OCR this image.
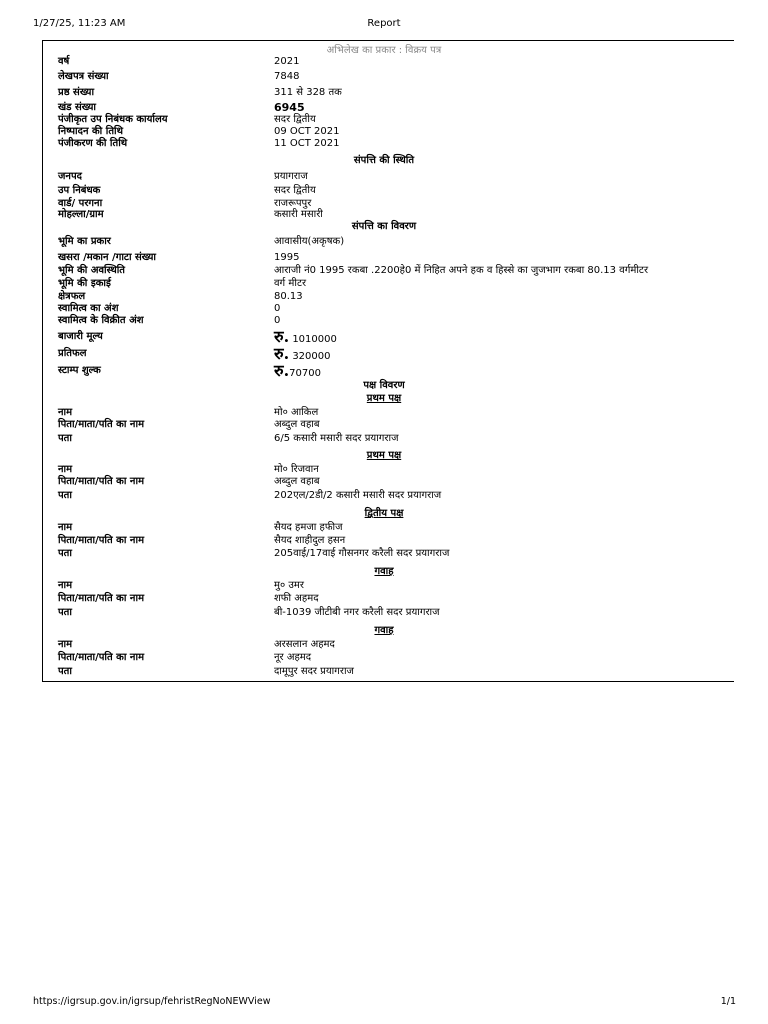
1/27/25, 11:23 AM	Report
अभिलेख का प्रकार : विक्रय पत्र
वर्ष	2021
लेखपत्र संख्या	7848
प्रष्ठ संख्या	311 से 328 तक
खंड संख्या	6945
पंजीकृत उप निबंधक कार्यालय	सदर द्वितीय
निष्पादन की तिथि	09 OCT 2021
पंजीकरण की तिथि	11 OCT 2021
संपत्ति की स्थिति
जनपद	प्रयागराज
उप निबंधक	सदर द्वितीय
वार्ड/ परगना	राजरूपपुर
मोहल्ला/ग्राम	कसारी मसारी
संपत्ति का विवरण
भूमि का प्रकार	आवासीय(अकृषक)
खसरा /मकान /गाटा संख्या	1995
भूमि की अवस्थिति	आराजी नं0 1995 रकबा .2200हे0 में निहित अपने हक व हिस्से का जुजभाग रकबा 80.13 वर्गमीटर
भूमि की इकाई	वर्ग मीटर
क्षेत्रफल	80.13
स्वामित्व का अंश	0
स्वामित्व के विक्रीत अंश	0
बाजारी मूल्य	रु. 1010000
प्रतिफल	रु. 320000
स्टाम्प शुल्क	रु.70700
पक्ष विवरण
प्रथम पक्ष
नाम	मो० आकिल
पिता/माता/पति का नाम	अब्दुल वहाब
पता	6/5 कसारी मसारी सदर प्रयागराज
प्रथम पक्ष
नाम	मो० रिजवान
पिता/माता/पति का नाम	अब्दुल वहाब
पता	202एल/2डी/2 कसारी मसारी सदर प्रयागराज
द्वितीय पक्ष
नाम	सैयद हमजा हफीज
पिता/माता/पति का नाम	सैयद शाहीदुल हसन
पता	205वाई/17वाई गौसनगर करैली सदर प्रयागराज
गवाह
नाम	मु० उमर
पिता/माता/पति का नाम	शफी अहमद
पता	बी-1039 जीटीबी नगर करैली सदर प्रयागराज
गवाह
नाम	अरसलान अहमद
पिता/माता/पति का नाम	नूर अहमद
पता	दामूपुर सदर प्रयागराज
https://igrsup.gov.in/igrsup/fehristRegNoNEWView	1/1
